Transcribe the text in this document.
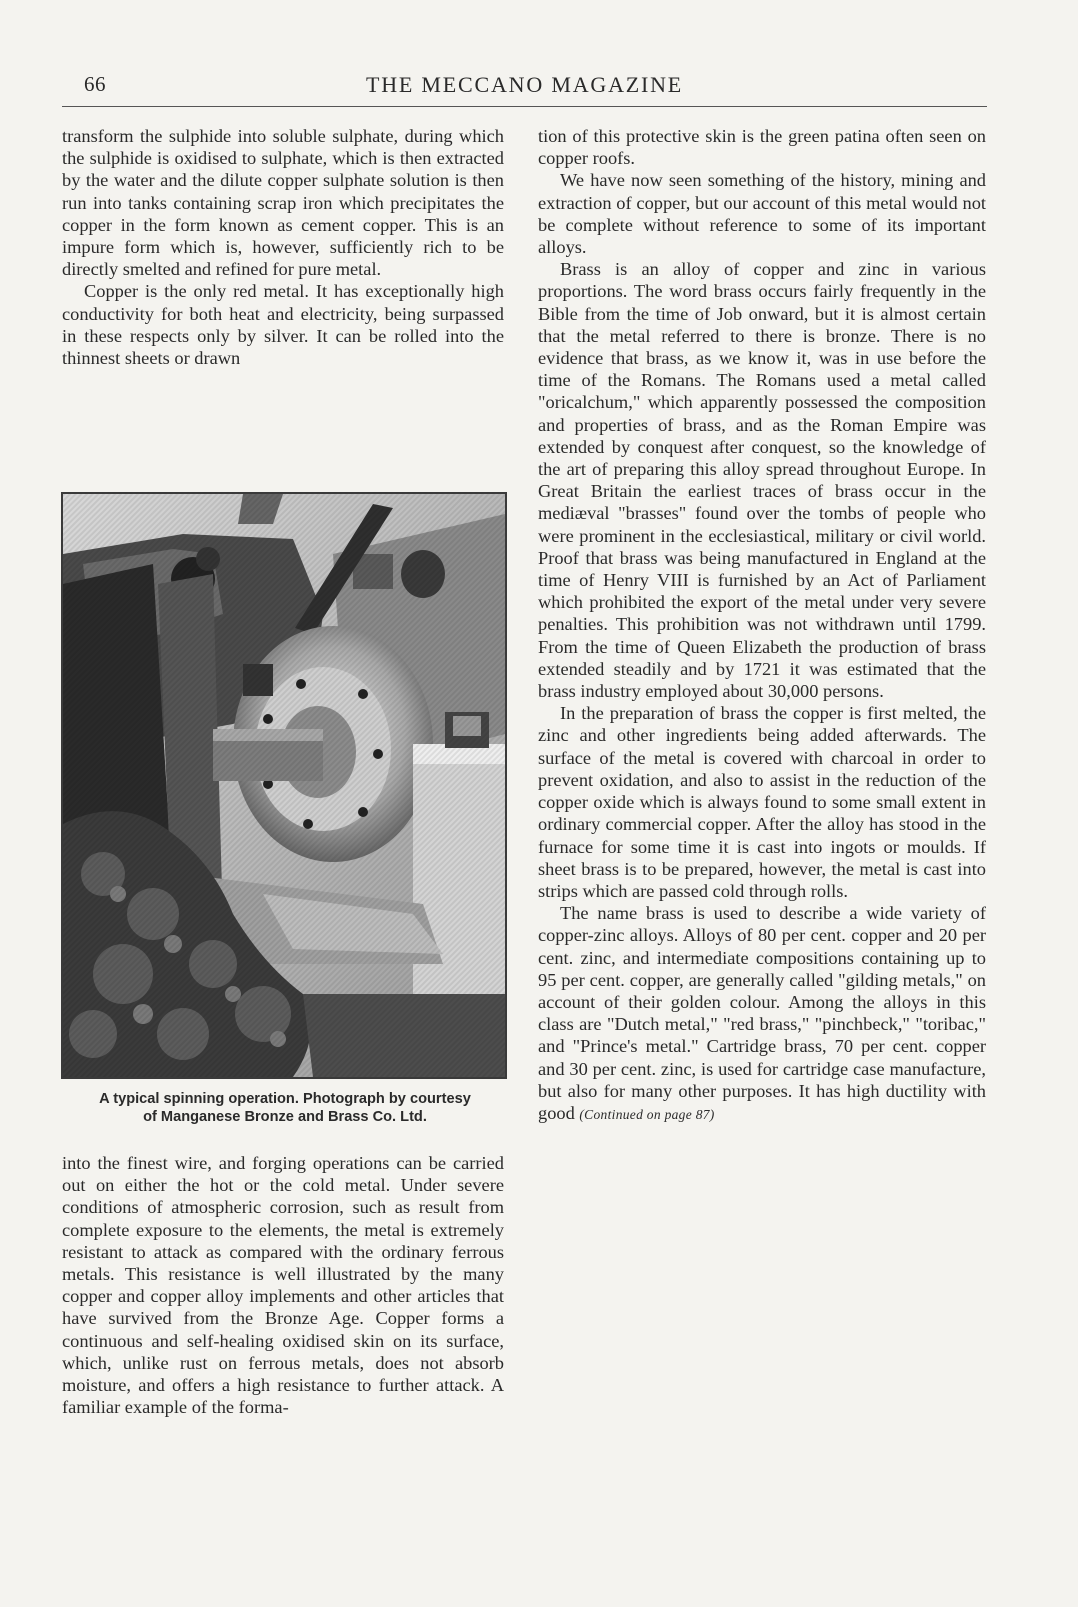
66	THE MECCANO MAGAZINE

transform the sulphide into soluble sulphate, during which the sulphide is oxidised to sulphate, which is then extracted by the water and the dilute copper sulphate solution is then run into tanks containing scrap iron which precipitates the copper in the form known as cement copper. This is an impure form which is, however, sufficiently rich to be directly smelted and refined for pure metal.

Copper is the only red metal. It has exceptionally high conductivity for both heat and electricity, being surpassed in these respects only by silver. It can be rolled into the thinnest sheets or drawn

A typical spinning operation. Photograph by courtesy
of Manganese Bronze and Brass Co. Ltd.

into the finest wire, and forging operations can be carried out on either the hot or the cold metal. Under severe conditions of atmospheric corrosion, such as result from complete exposure to the elements, the metal is extremely resistant to attack as compared with the ordinary ferrous metals. This resistance is well illustrated by the many copper and copper alloy implements and other articles that have survived from the Bronze Age. Copper forms a continuous and self-healing oxidised skin on its surface, which, unlike rust on ferrous metals, does not absorb moisture, and offers a high resistance to further attack. A familiar example of the forma-

tion of this protective skin is the green patina often seen on copper roofs.

We have now seen something of the history, mining and extraction of copper, but our account of this metal would not be complete without reference to some of its important alloys.

Brass is an alloy of copper and zinc in various proportions. The word brass occurs fairly frequently in the Bible from the time of Job onward, but it is almost certain that the metal referred to there is bronze. There is no evidence that brass, as we know it, was in use before the time of the Romans. The Romans used a metal called "oricalchum," which apparently possessed the composition and properties of brass, and as the Roman Empire was extended by conquest after conquest, so the knowledge of the art of preparing this alloy spread throughout Europe. In Great Britain the earliest traces of brass occur in the mediæval "brasses" found over the tombs of people who were prominent in the ecclesiastical, military or civil world. Proof that brass was being manufactured in England at the time of Henry VIII is furnished by an Act of Parliament which prohibited the export of the metal under very severe penalties. This prohibition was not withdrawn until 1799. From the time of Queen Elizabeth the production of brass extended steadily and by 1721 it was estimated that the brass industry employed about 30,000 persons.

In the preparation of brass the copper is first melted, the zinc and other ingredients being added afterwards. The surface of the metal is covered with charcoal in order to prevent oxidation, and also to assist in the reduction of the copper oxide which is always found to some small extent in ordinary commercial copper. After the alloy has stood in the furnace for some time it is cast into ingots or moulds. If sheet brass is to be prepared, however, the metal is cast into strips which are passed cold through rolls.

The name brass is used to describe a wide variety of copper-zinc alloys. Alloys of 80 per cent. copper and 20 per cent. zinc, and intermediate compositions containing up to 95 per cent. copper, are generally called "gilding metals," on account of their golden colour. Among the alloys in this class are "Dutch metal," "red brass," "pinchbeck," "toribac," and "Prince's metal." Cartridge brass, 70 per cent. copper and 30 per cent. zinc, is used for cartridge case manufacture, but also for many other purposes. It has high ductility with good (Continued on page 87)
